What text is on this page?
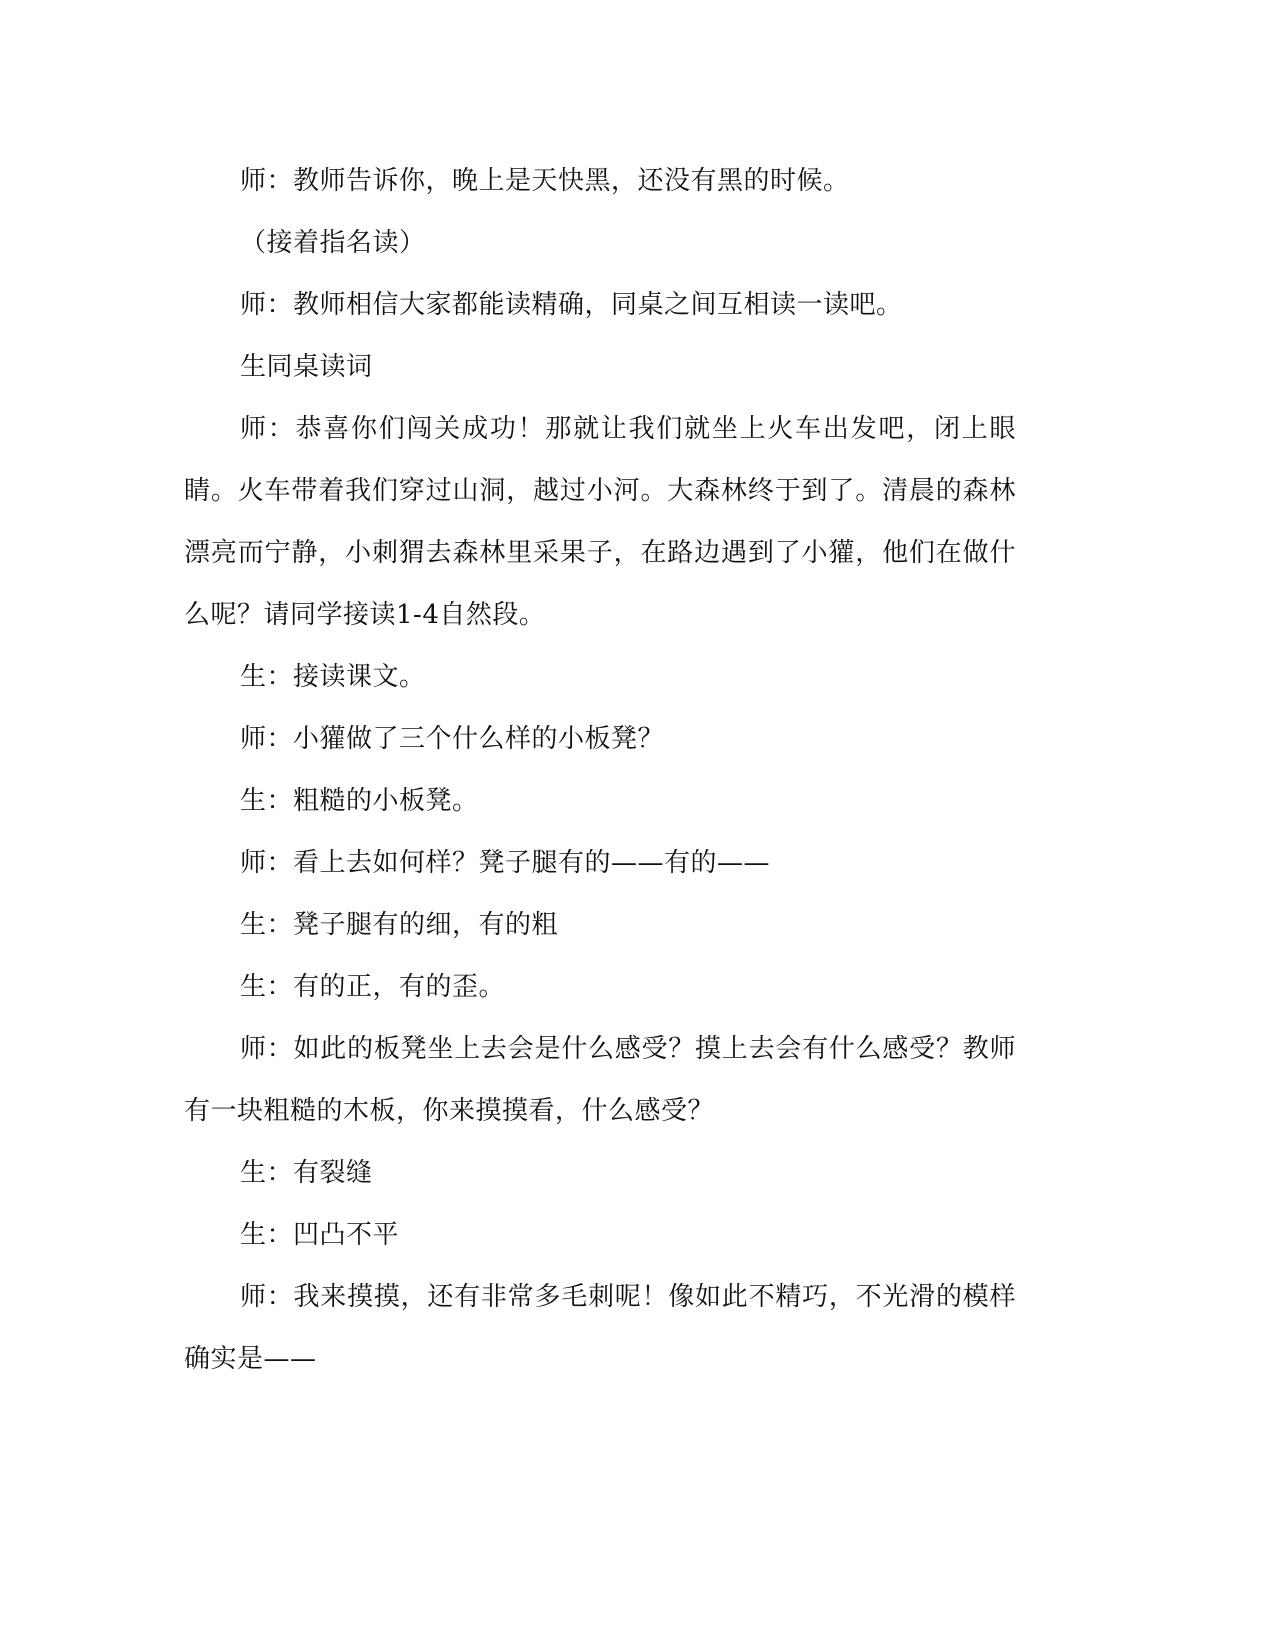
师：教师告诉你，晚上是天快黑，还没有黑的时候。

（接着指名读）

师：教师相信大家都能读精确，同桌之间互相读一读吧。

生同桌读词

师：恭喜你们闯关成功！那就让我们就坐上火车出发吧，闭上眼睛。火车带着我们穿过山洞，越过小河。大森林终于到了。清晨的森林漂亮而宁静，小刺猬去森林里采果子，在路边遇到了小獾，他们在做什么呢？请同学接读1-4自然段。

生：接读课文。

师：小獾做了三个什么样的小板凳？

生：粗糙的小板凳。

师：看上去如何样？凳子腿有的——有的——

生：凳子腿有的细，有的粗

生：有的正，有的歪。

师：如此的板凳坐上去会是什么感受？摸上去会有什么感受？教师有一块粗糙的木板，你来摸摸看，什么感受？

生：有裂缝

生：凹凸不平

师：我来摸摸，还有非常多毛刺呢！像如此不精巧，不光滑的模样确实是——
